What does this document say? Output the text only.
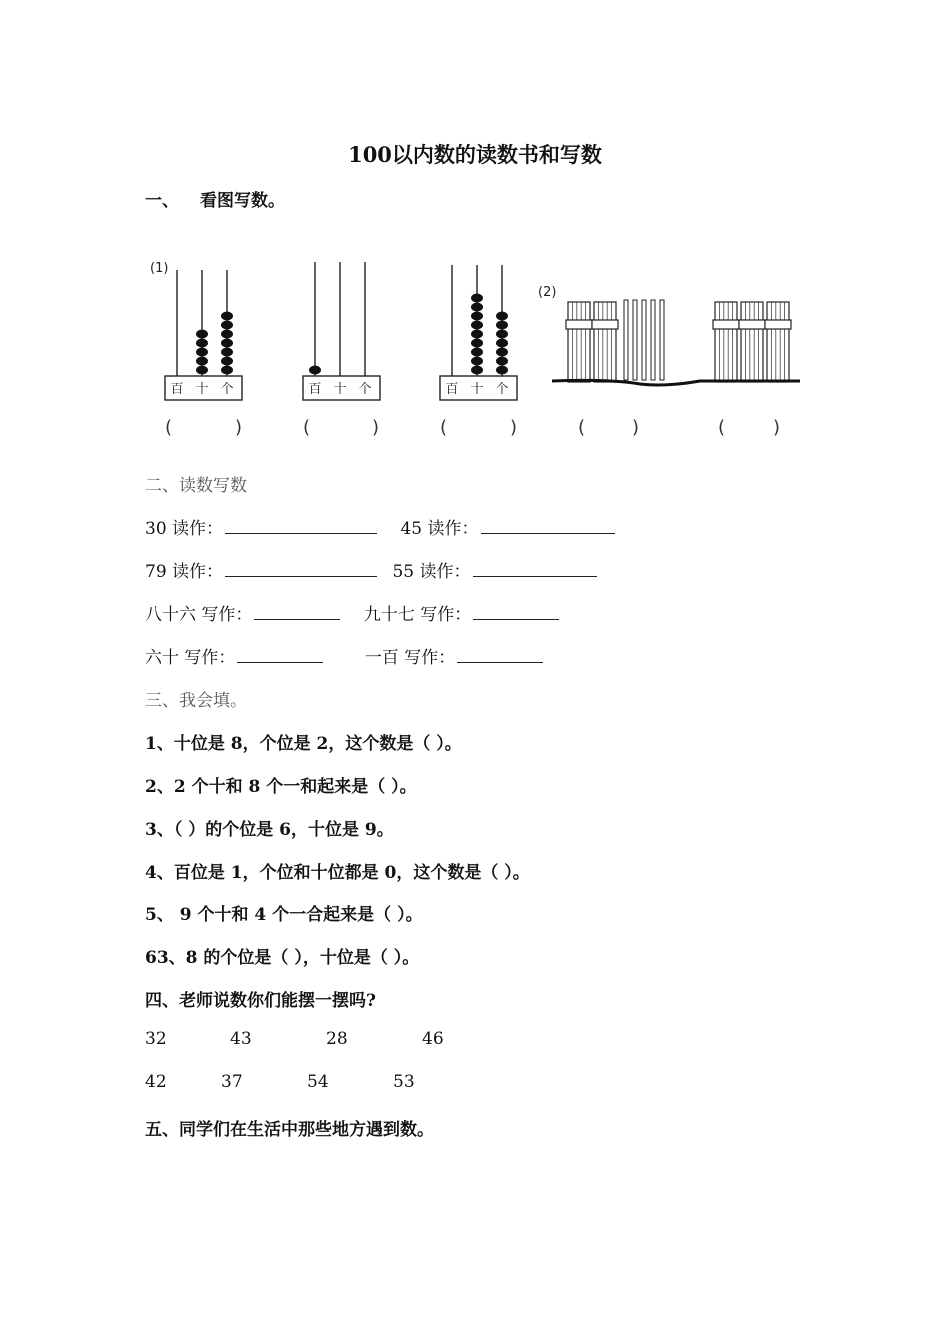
100以内数的读数书和写数
一、 看图写数。
(1)
(2)
百 十 个	百 十 个	百 十 个
(	)	(	)	(	)	(	)	(	)
二、读数写数
30 读作：	45 读作：
79 读作：	55 读作：
八十六 写作：	九十七 写作：
六十 写作：	一百 写作：
三、我会填。
1、十位是 8，个位是 2，这个数是（ ）。
2、2 个十和 8 个一和起来是（ ）。
3、（ ）的个位是 6，十位是 9。
4、百位是 1，个位和十位都是 0，这个数是（ ）。
5、 9 个十和 4 个一合起来是（ ）。
63、8 的个位是（ ），十位是（ ）。
四、老师说数你们能摆一摆吗?
32	43	28	46
42	37	54	53
五、同学们在生活中那些地方遇到数。
